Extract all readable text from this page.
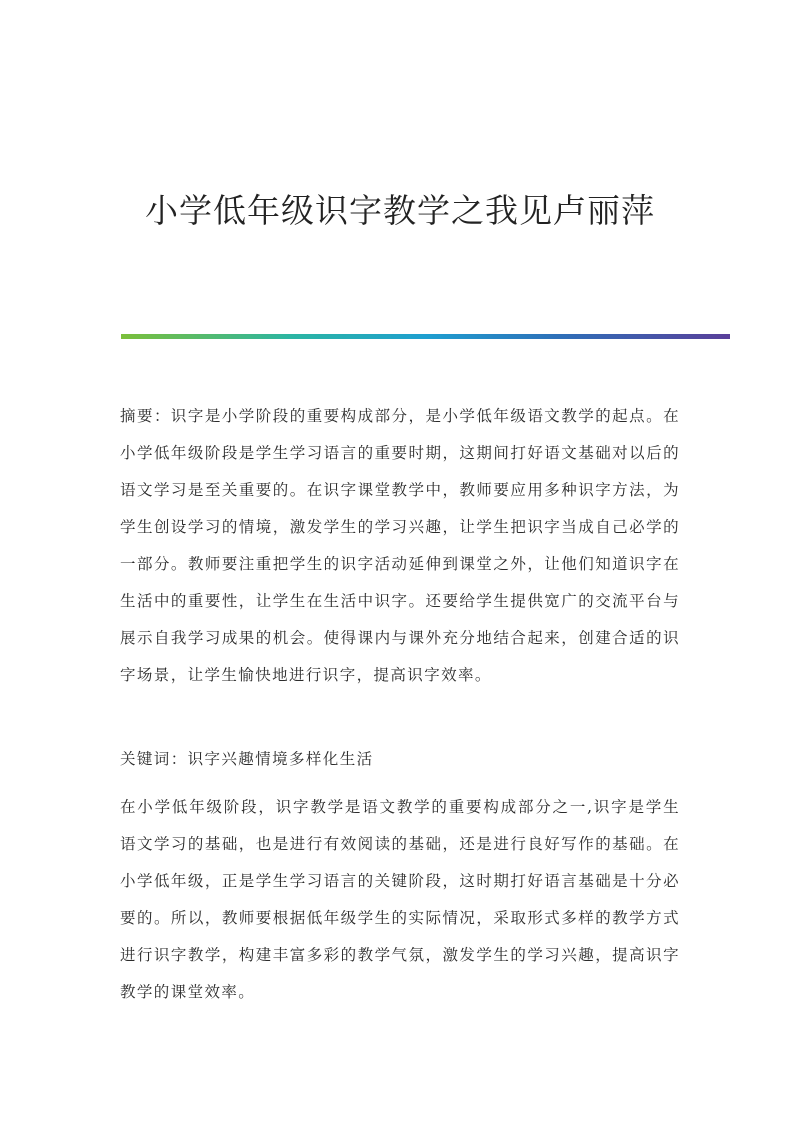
小学低年级识字教学之我见卢丽萍

摘要：识字是小学阶段的重要构成部分，是小学低年级语文教学的起点。在小学低年级阶段是学生学习语言的重要时期，这期间打好语文基础对以后的语文学习是至关重要的。在识字课堂教学中，教师要应用多种识字方法，为学生创设学习的情境，激发学生的学习兴趣，让学生把识字当成自己必学的一部分。教师要注重把学生的识字活动延伸到课堂之外，让他们知道识字在生活中的重要性，让学生在生活中识字。还要给学生提供宽广的交流平台与展示自我学习成果的机会。使得课内与课外充分地结合起来，创建合适的识字场景，让学生愉快地进行识字，提高识字效率。

关键词：识字兴趣情境多样化生活

在小学低年级阶段，识字教学是语文教学的重要构成部分之一,识字是学生语文学习的基础，也是进行有效阅读的基础，还是进行良好写作的基础。在小学低年级，正是学生学习语言的关键阶段，这时期打好语言基础是十分必要的。所以，教师要根据低年级学生的实际情况，采取形式多样的教学方式进行识字教学，构建丰富多彩的教学气氛，激发学生的学习兴趣，提高识字教学的课堂效率。
